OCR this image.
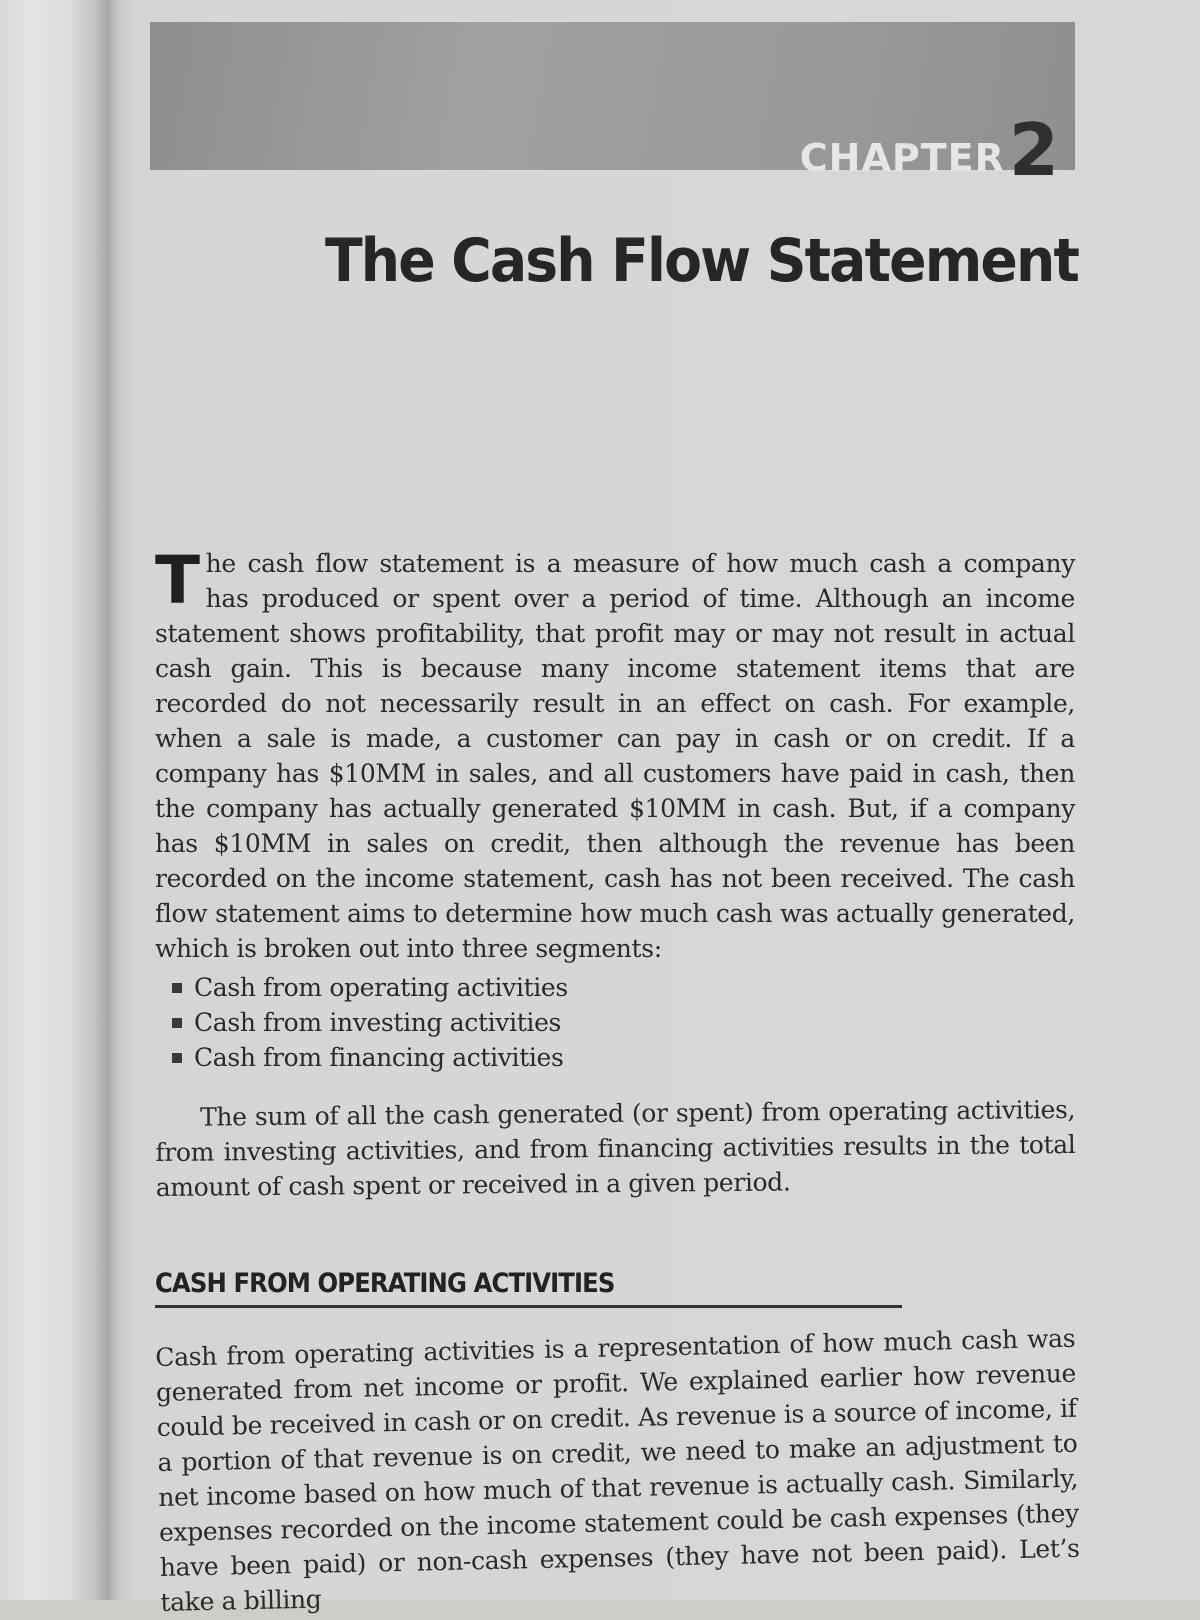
CHAPTER2
The Cash Flow Statement

The cash flow statement is a measure of how much cash a company has produced or spent over a period of time. Although an income statement shows profitability, that profit may or may not result in actual cash gain. This is because many income statement items that are recorded do not necessarily result in an effect on cash. For example, when a sale is made, a customer can pay in cash or on credit. If a company has $10MM in sales, and all customers have paid in cash, then the company has actually generated $10MM in cash. But, if a company has $10MM in sales on credit, then although the revenue has been recorded on the income statement, cash has not been received. The cash flow statement aims to determine how much cash was actually generated, which is broken out into three segments:

Cash from operating activities
Cash from investing activities
Cash from financing activities

The sum of all the cash generated (or spent) from operating activities, from investing activities, and from financing activities results in the total amount of cash spent or received in a given period.

CASH FROM OPERATING ACTIVITIES

Cash from operating activities is a representation of how much cash was generated from net income or profit. We explained earlier how revenue could be received in cash or on credit. As revenue is a source of income, if a portion of that revenue is on credit, we need to make an adjustment to net income based on how much of that revenue is actually cash. Similarly, expenses recorded on the income statement could be cash expenses (they have been paid) or non-cash expenses (they have not been paid). Let’s take a billing
